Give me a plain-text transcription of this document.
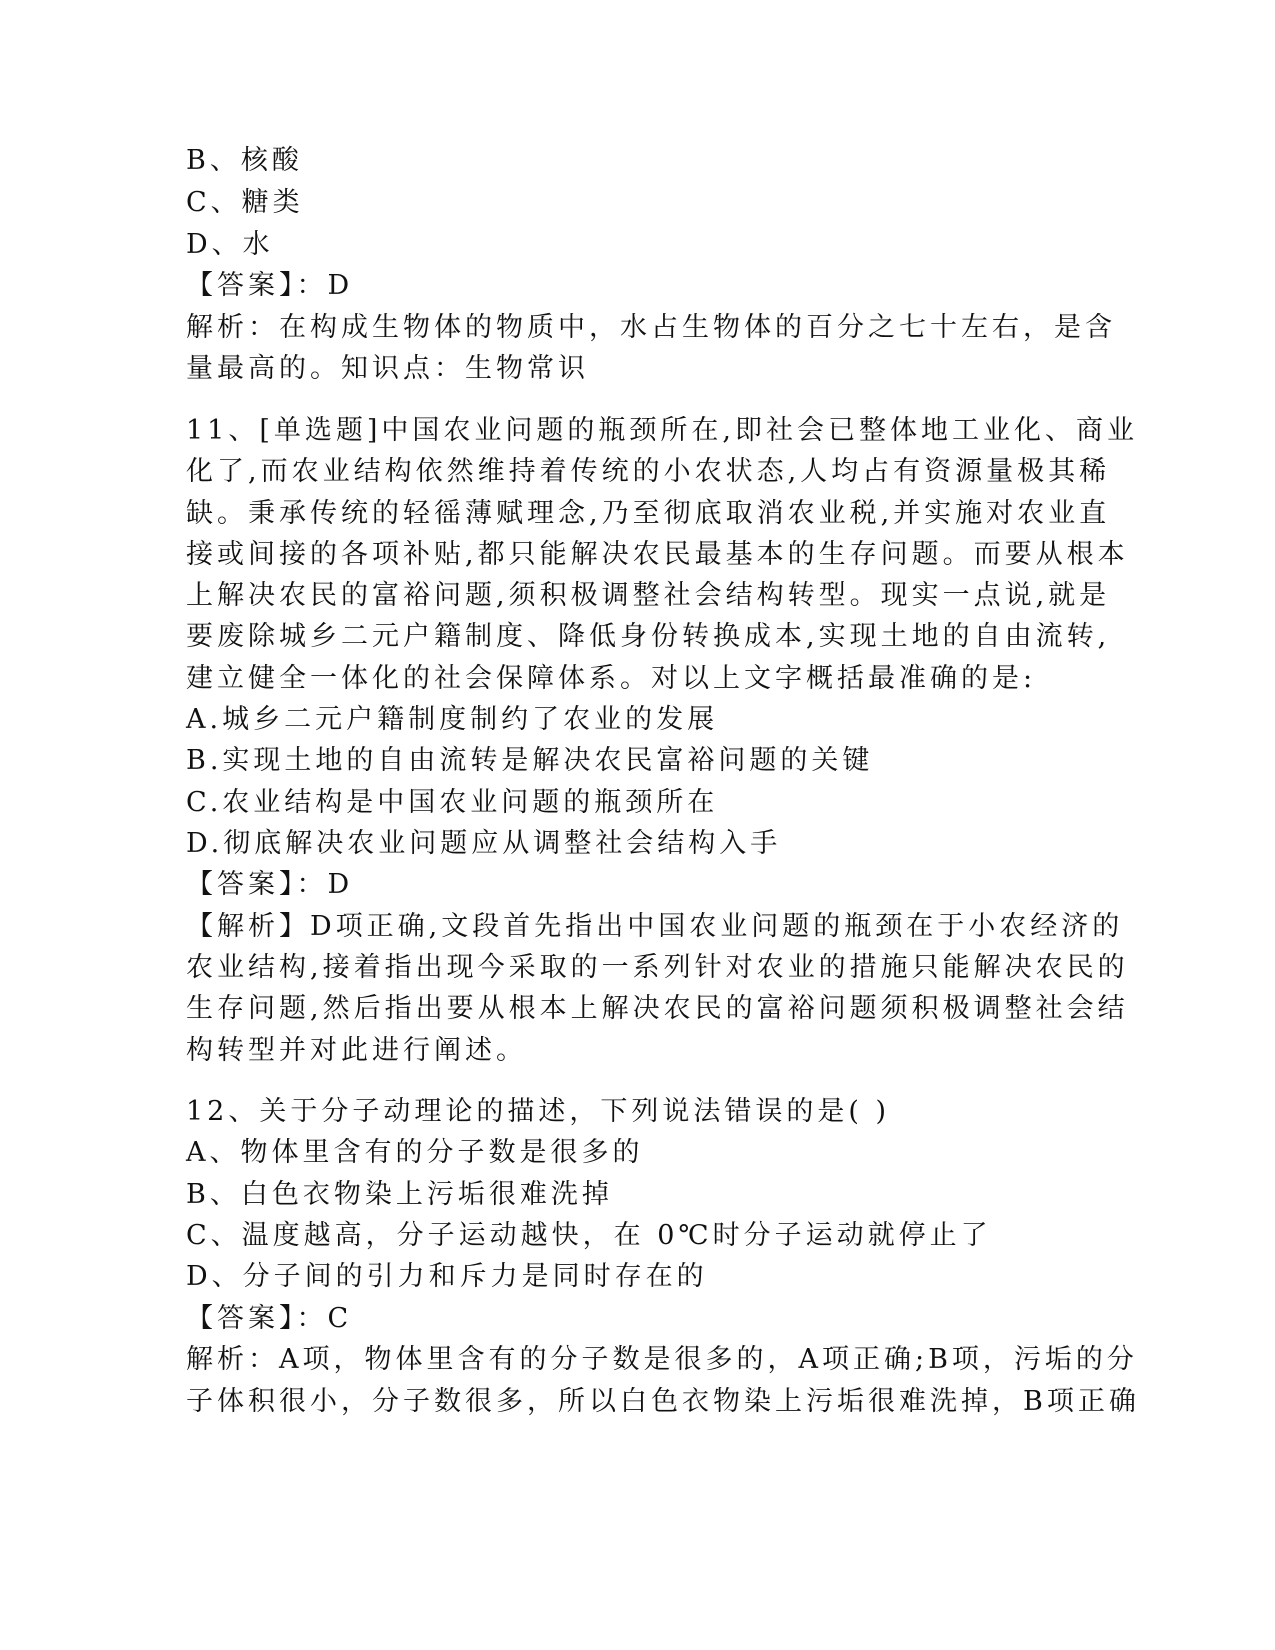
B、核酸
C、糖类
D、水
【答案】：D
解析：在构成生物体的物质中，水占生物体的百分之七十左右，是含
量最高的。知识点：生物常识
11、[单选题]中国农业问题的瓶颈所在,即社会已整体地工业化、商业
化了,而农业结构依然维持着传统的小农状态,人均占有资源量极其稀
缺。秉承传统的轻徭薄赋理念,乃至彻底取消农业税,并实施对农业直
接或间接的各项补贴,都只能解决农民最基本的生存问题。而要从根本
上解决农民的富裕问题,须积极调整社会结构转型。现实一点说,就是
要废除城乡二元户籍制度、降低身份转换成本,实现土地的自由流转,
建立健全一体化的社会保障体系。对以上文字概括最准确的是:
A.城乡二元户籍制度制约了农业的发展
B.实现土地的自由流转是解决农民富裕问题的关键
C.农业结构是中国农业问题的瓶颈所在
D.彻底解决农业问题应从调整社会结构入手
【答案】：D
【解析】D项正确,文段首先指出中国农业问题的瓶颈在于小农经济的
农业结构,接着指出现今采取的一系列针对农业的措施只能解决农民的
生存问题,然后指出要从根本上解决农民的富裕问题须积极调整社会结
构转型并对此进行阐述。
12、关于分子动理论的描述，下列说法错误的是( )
A、物体里含有的分子数是很多的
B、白色衣物染上污垢很难洗掉
C、温度越高，分子运动越快，在 0℃时分子运动就停止了
D、分子间的引力和斥力是同时存在的
【答案】：C
解析：A项，物体里含有的分子数是很多的，A项正确;B项，污垢的分
子体积很小，分子数很多，所以白色衣物染上污垢很难洗掉，B项正确
